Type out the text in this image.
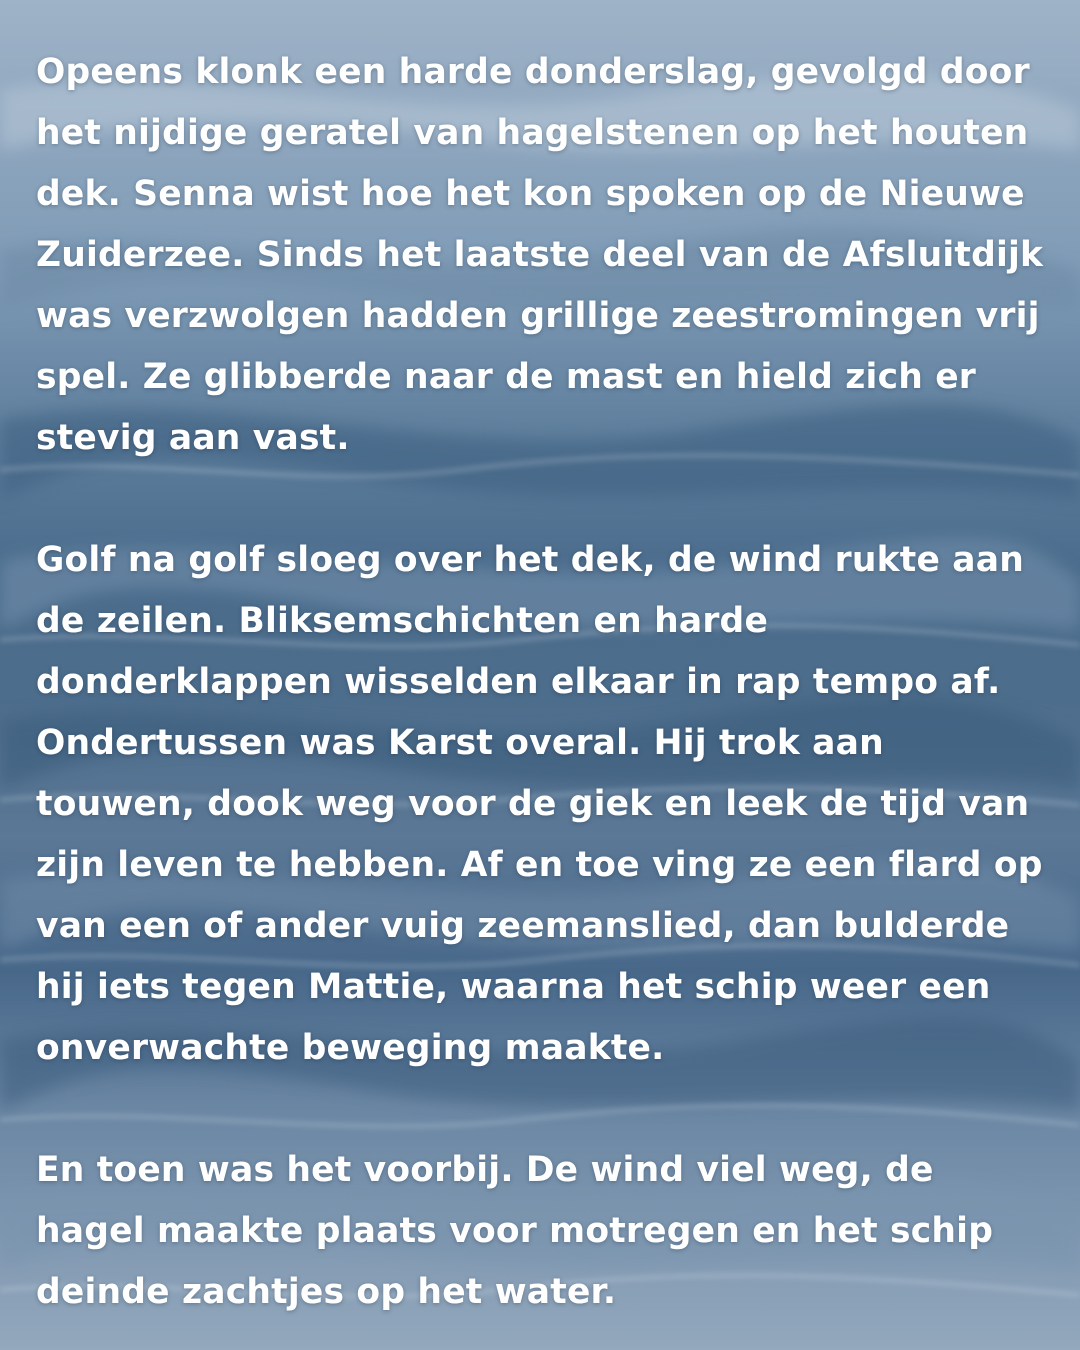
Opeens klonk een harde donderslag, gevolgd door het nijdige geratel van hagelstenen op het houten dek. Senna wist hoe het kon spoken op de Nieuwe Zuiderzee. Sinds het laatste deel van de Afsluitdijk was verzwolgen hadden grillige zeestromingen vrij spel. Ze glibberde naar de mast en hield zich er stevig aan vast.

Golf na golf sloeg over het dek, de wind rukte aan de zeilen. Bliksemschichten en harde donderklappen wisselden elkaar in rap tempo af. Ondertussen was Karst overal. Hij trok aan touwen, dook weg voor de giek en leek de tijd van zijn leven te hebben. Af en toe ving ze een flard op van een of ander vuig zeemanslied, dan bulderde hij iets tegen Mattie, waarna het schip weer een onverwachte beweging maakte.

En toen was het voorbij. De wind viel weg, de hagel maakte plaats voor motregen en het schip deinde zachtjes op het water.
